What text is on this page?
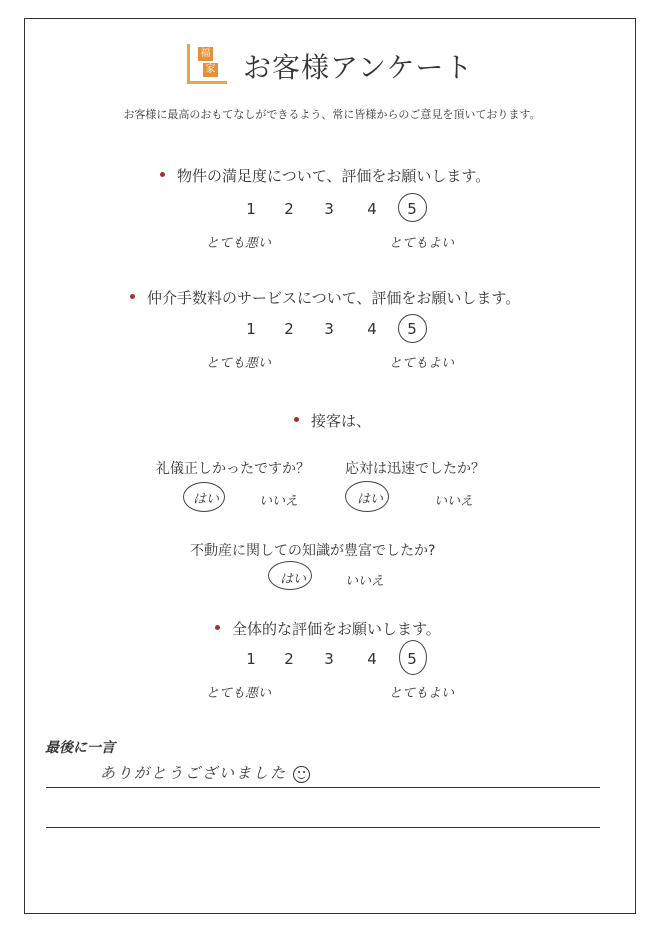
福
家 お客様アンケート
お客様に最高のおもてなしができるよう、常に皆様からのご意見を頂いております。
物件の満足度について、評価をお願いします。
1 2 3 4 5
とても悪い	とてもよい
仲介手数料のサービスについて、評価をお願いします。
1 2 3 4 5
とても悪い	とてもよい
接客は、
礼儀正しかったですか？	応対は迅速でしたか？
はい	いいえ	はい	いいえ
不動産に関しての知識が豊富でしたか?
はい	いいえ
全体的な評価をお願いします。
1 2 3 4 5
とても悪い	とてもよい
最後に一言
ありがとうございました
